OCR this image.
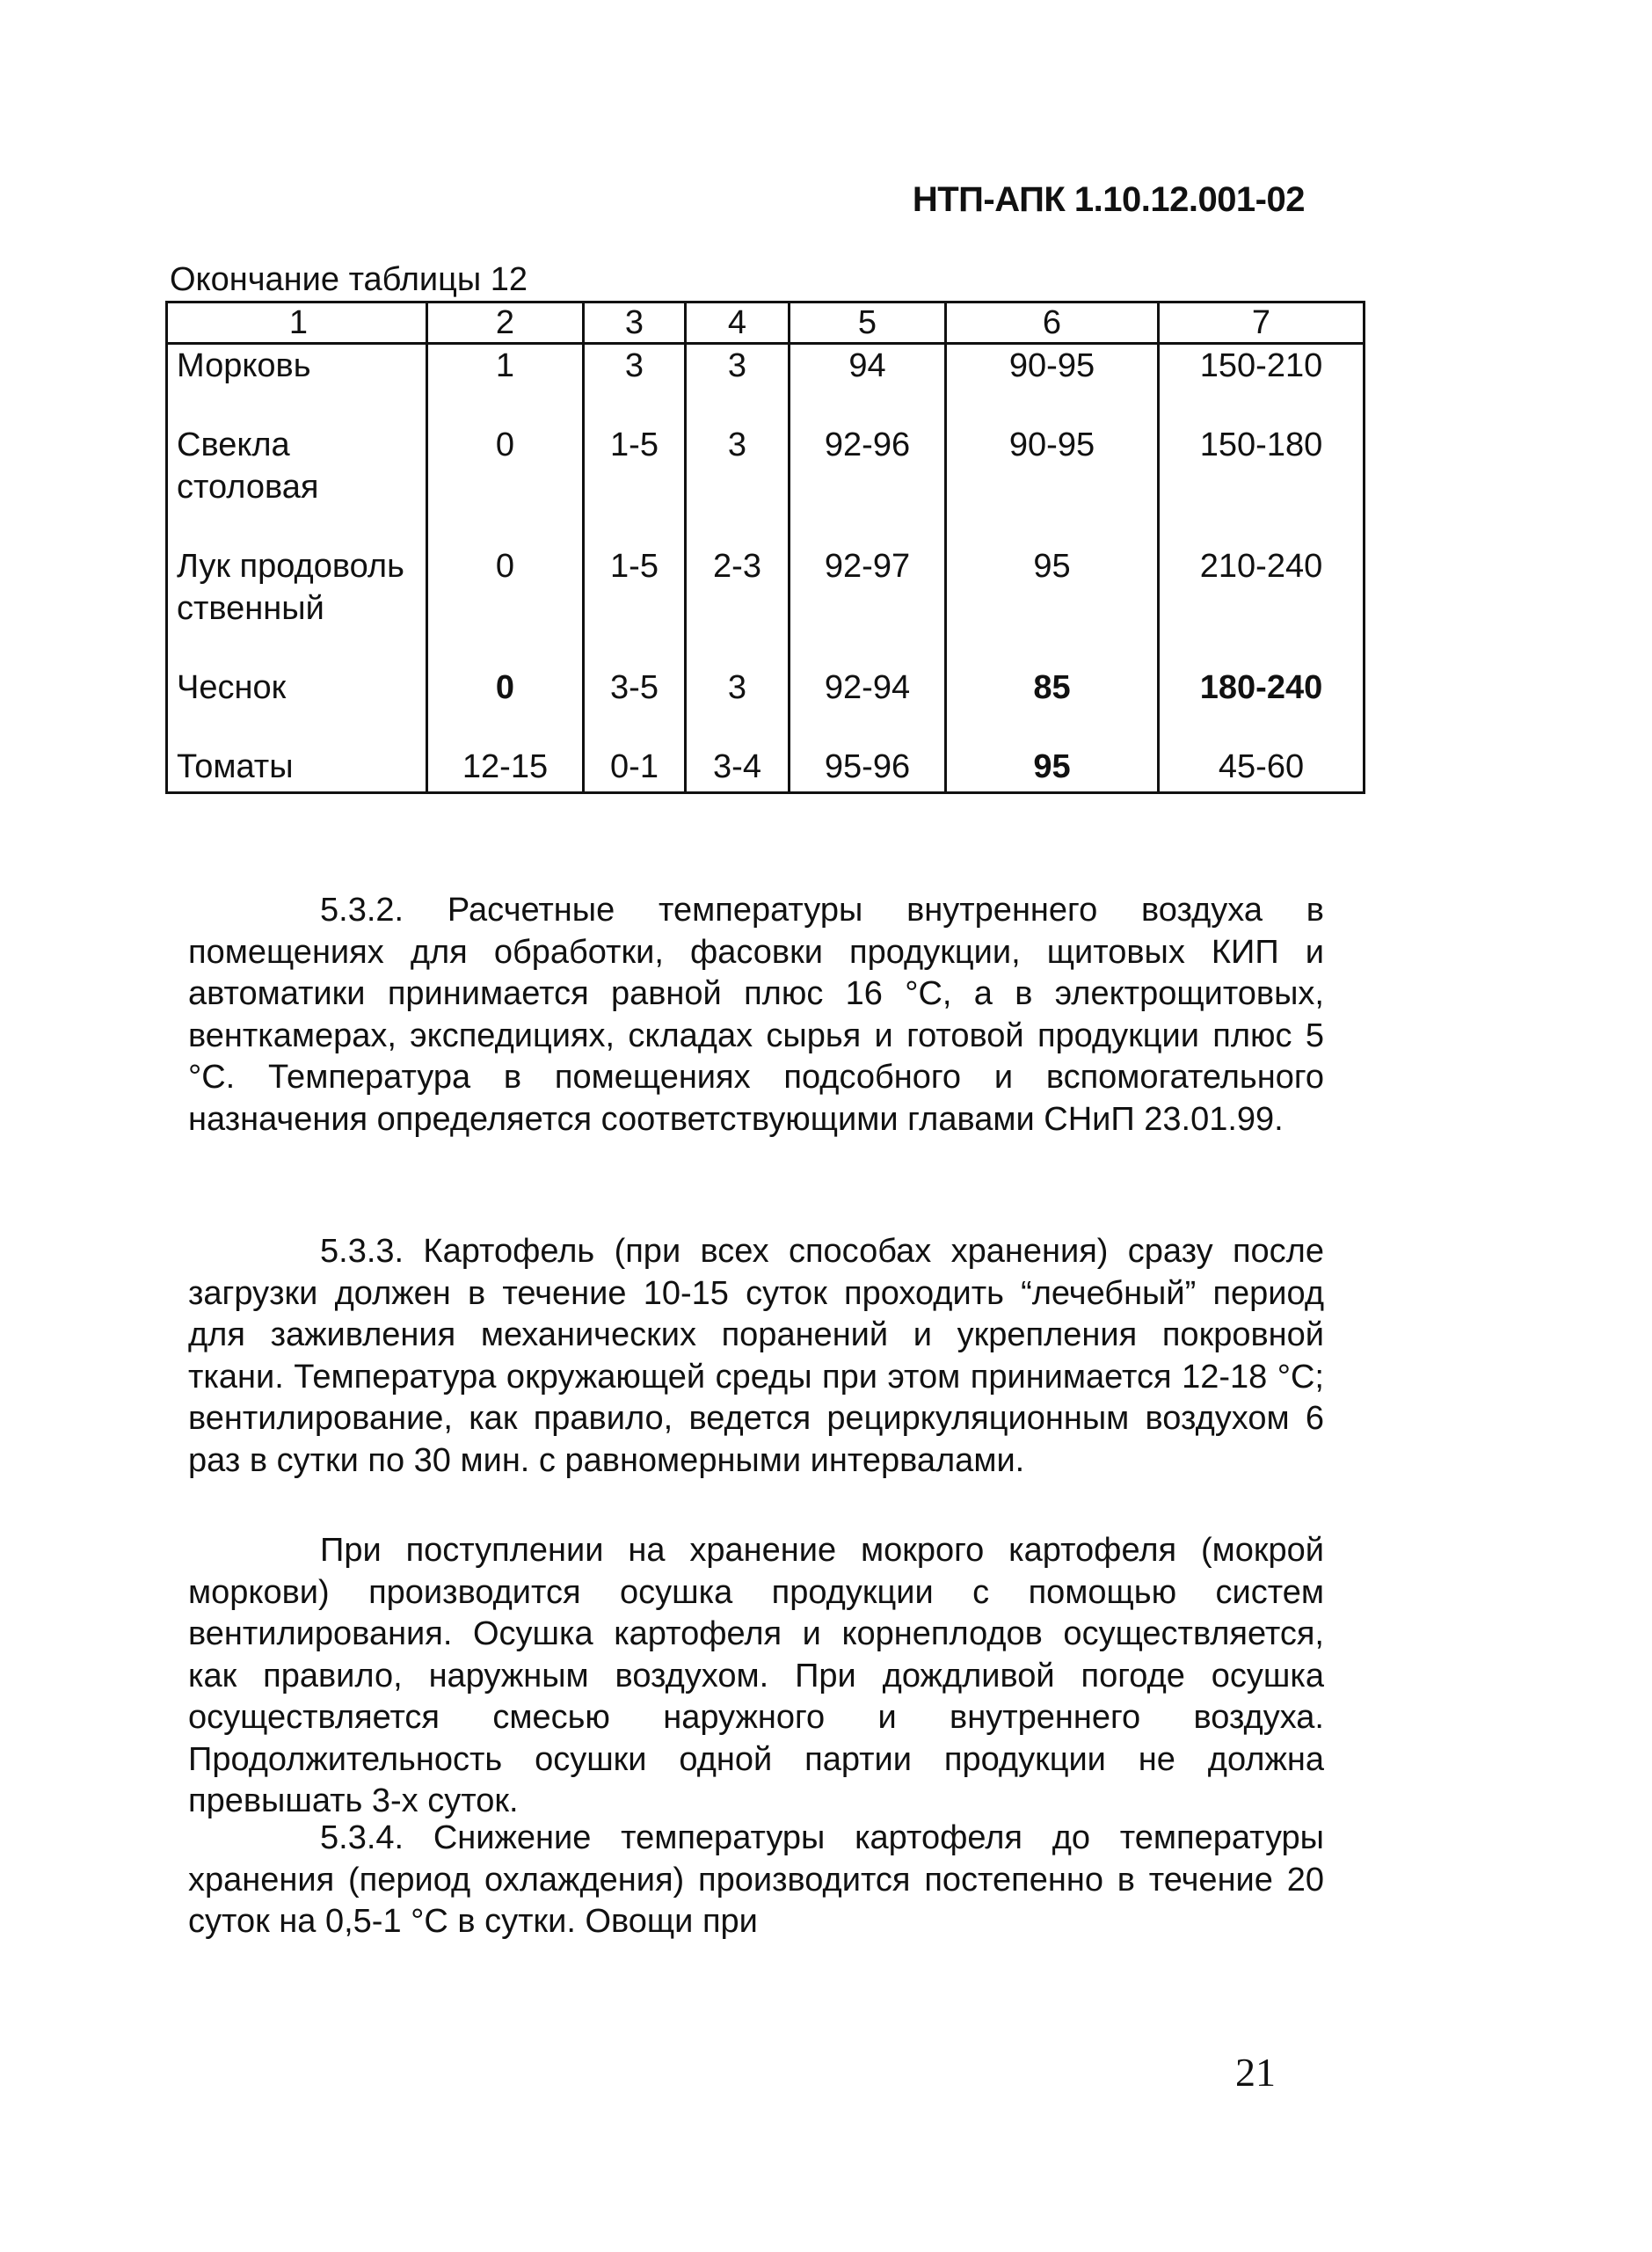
НТП-АПК 1.10.12.001-02

Окончание таблицы 12

1	2	3	4	5	6	7
Морковь	1	3	3	94	90-95	150-210
Свекла столовая	0	1-5	3	92-96	90-95	150-180
Лук продовольственный	0	1-5	2-3	92-97	95	210-240
Чеснок	0	3-5	3	92-94	85	180-240
Томаты	12-15	0-1	3-4	95-96	95	45-60

5.3.2. Расчетные температуры внутреннего воздуха в помещениях для обработки, фасовки продукции, щитовых КИП и автоматики принимается равной плюс 16 °С, а в электрощитовых, венткамерах, экспедициях, складах сырья и готовой продукции плюс 5 °С. Температура в помещениях подсобного и вспомогательного назначения определяется соответствующими главами СНиП 23.01.99.

5.3.3. Картофель (при всех способах хранения) сразу после загрузки должен в течение 10-15 суток проходить “лечебный” период для заживления механических поранений и укрепления покровной ткани. Температура окружающей среды при этом принимается 12-18 °С; вентилирование, как правило, ведется рециркуляционным воздухом 6 раз в сутки по 30 мин. с равномерными интервалами.

При поступлении на хранение мокрого картофеля (мокрой моркови) производится осушка продукции с помощью систем вентилирования. Осушка картофеля и корнеплодов осуществляется, как правило, наружным воздухом. При дождливой погоде осушка осуществляется смесью наружного и внутреннего воздуха. Продолжительность осушки одной партии продукции не должна превышать 3-х суток.

5.3.4. Снижение температуры картофеля до температуры хранения (период охлаждения) производится постепенно в течение 20 суток на 0,5-1 °С в сутки. Овощи при

21
